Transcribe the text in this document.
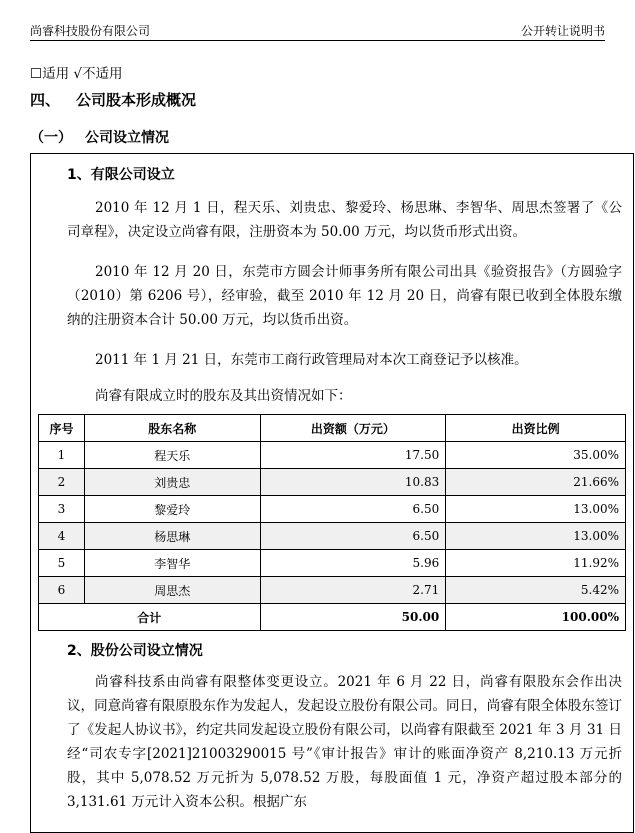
尚睿科技股份有限公司	公开转让说明书
☐适用 √不适用
四、 公司股本形成概况
（一） 公司设立情况
1、有限公司设立

2010 年 12 月 1 日，程天乐、刘贵忠、黎爱玲、杨思琳、李智华、周思杰签署了《公司章程》，决定设立尚睿有限，注册资本为 50.00 万元，均以货币形式出资。

2010 年 12 月 20 日，东莞市方圆会计师事务所有限公司出具《验资报告》（方圆验字（2010）第 6206 号），经审验，截至 2010 年 12 月 20 日，尚睿有限已收到全体股东缴纳的注册资本合计 50.00 万元，均以货币出资。

2011 年 1 月 21 日，东莞市工商行政管理局对本次工商登记予以核准。

尚睿有限成立时的股东及其出资情况如下：

序号	股东名称	出资额（万元）	出资比例
1	程天乐	17.50	35.00%
2	刘贵忠	10.83	21.66%
3	黎爱玲	6.50	13.00%
4	杨思琳	6.50	13.00%
5	李智华	5.96	11.92%
6	周思杰	2.71	5.42%
合计		50.00	100.00%
2、股份公司设立情况

尚睿科技系由尚睿有限整体变更设立。2021 年 6 月 22 日，尚睿有限股东会作出决议，同意尚睿有限原股东作为发起人，发起设立股份有限公司。同日，尚睿有限全体股东签订了《发起人协议书》，约定共同发起设立股份有限公司，以尚睿有限截至 2021 年 3 月 31 日经“司农专字[2021]21003290015 号”《审计报告》审计的账面净资产 8,210.13 万元折股，其中 5,078.52 万元折为 5,078.52 万股，每股面值 1 元，净资产超过股本部分的 3,131.61 万元计入资本公积。根据广东
